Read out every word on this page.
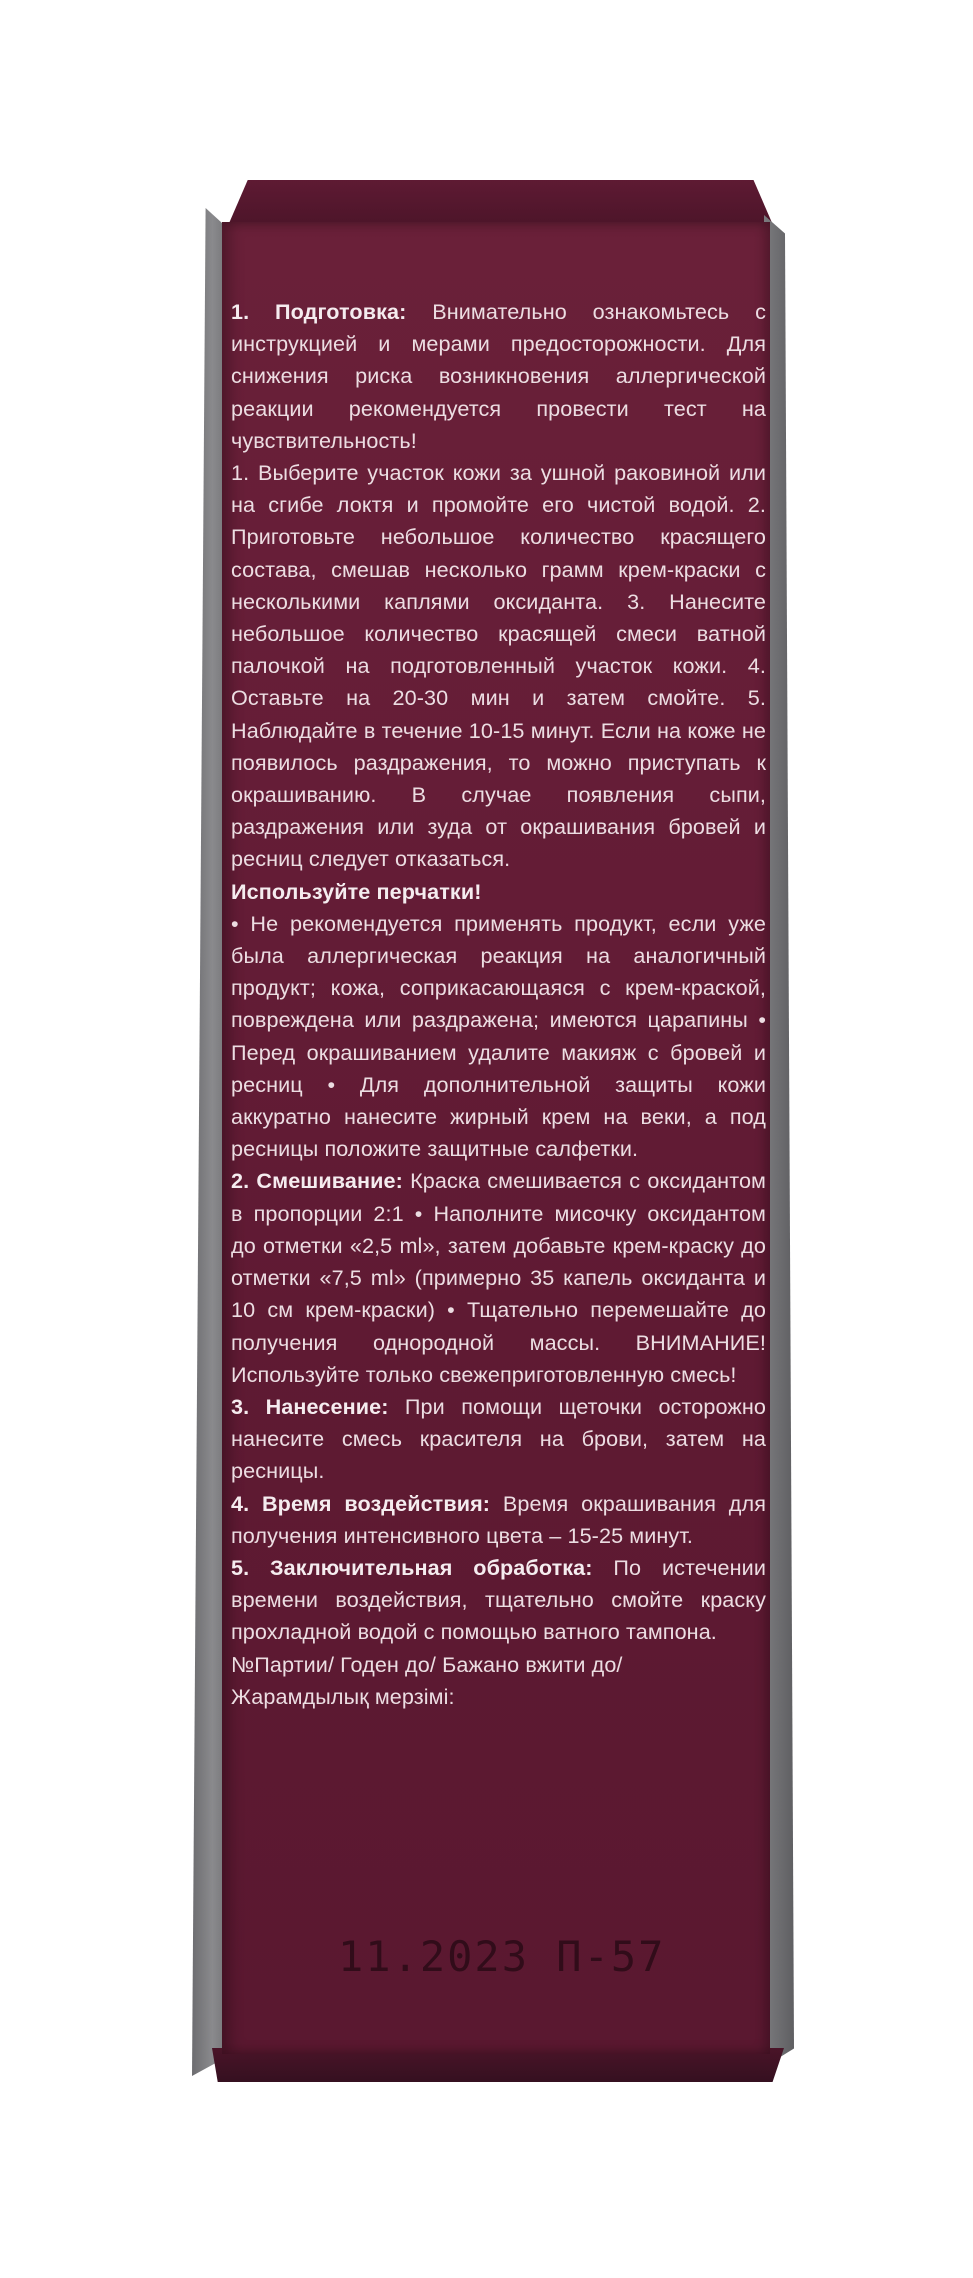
1. Подготовка: Внимательно ознакомьтесь с инструкцией и мерами предосторожности. Для снижения риска возникновения аллергической реакции рекомендуется провести тест на чувствительность!

1. Выберите участок кожи за ушной раковиной или на сгибе локтя и промойте его чистой водой. 2. Приготовьте небольшое количество красящего состава, смешав несколько грамм крем-краски с несколькими каплями оксиданта. 3. Нанесите небольшое количество красящей смеси ватной палочкой на подготовленный участок кожи. 4. Оставьте на 20-30 мин и затем смойте. 5. Наблюдайте в течение 10-15 минут. Если на коже не появилось раздражения, то можно приступать к окрашиванию. В случае появления сыпи, раздражения или зуда от окрашивания бровей и ресниц следует отказаться.

Используйте перчатки!

• Не рекомендуется применять продукт, если уже была аллергическая реакция на аналогичный продукт; кожа, соприкасающаяся с крем-краской, повреждена или раздражена; имеются царапины • Перед окрашиванием удалите макияж с бровей и ресниц • Для дополнительной защиты кожи аккуратно нанесите жирный крем на веки, а под ресницы положите защитные салфетки.

2. Смешивание: Краска смешивается с оксидантом в пропорции 2:1 • Наполните мисочку оксидантом до отметки «2,5 ml», затем добавьте крем-краску до отметки «7,5 ml» (примерно 35 капель оксиданта и 10 см крем-краски) • Тщательно перемешайте до получения однородной массы. ВНИМАНИЕ! Используйте только свежеприготовленную смесь!

3. Нанесение: При помощи щеточки осторожно нанесите смесь красителя на брови, затем на ресницы.

4. Время воздействия: Время окрашивания для получения интенсивного цвета – 15-25 минут.

5. Заключительная обработка: По истечении времени воздействия, тщательно смойте краску прохладной водой с помощью ватного тампона.

№Партии/ Годен до/ Бажано вжити до/

Жарамдылық мерзімі:

11.2023 П-57
